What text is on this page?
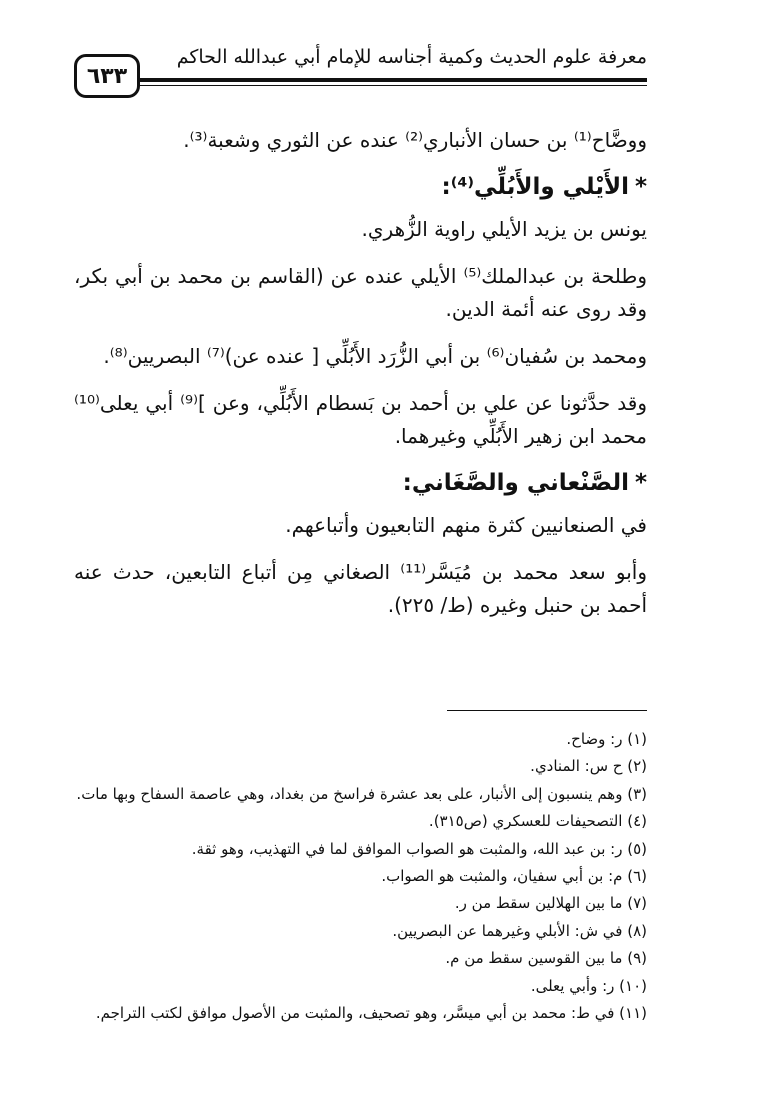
معرفة علوم الحديث وكمية أجناسه للإمام أبي عبدالله الحاكم
٦٣٣

ووضَّاح⁽¹⁾ بن حسان الأنباري⁽²⁾ عنده عن الثوري وشعبة⁽³⁾.

*الأَيْلي والأَبُلِّي⁽⁴⁾:

يونس بن يزيد الأيلي راوية الزُّهري.

وطلحة بن عبدالملك⁽⁵⁾ الأيلي عنده عن (القاسم بن محمد بن أبي بكر، وقد روى عنه أئمة الدين.

ومحمد بن سُفيان⁽⁶⁾ بن أبي الزُّرَد الأَبُلِّي [ عنده عن)⁽⁷⁾ البصريين⁽⁸⁾.

وقد حدَّثونا عن علي بن أحمد بن بَسطام الأَبُلِّي، وعن ]⁽⁹⁾ أبي يعلى⁽¹⁰⁾ محمد ابن زهير الأَبُلِّي وغيرهما.

*الصَّنْعاني والصَّغَاني:

في الصنعانيين كثرة منهم التابعيون وأتباعهم.

وأبو سعد محمد بن مُيَسَّر⁽¹¹⁾ الصغاني مِن أتباع التابعين، حدث عنه أحمد بن حنبل وغيره (ط/ ٢٢٥).

(١) ر: وضاح.

(٢) ح س: المنادي.

(٣) وهم ينسبون إلى الأنبار، على بعد عشرة فراسخ من بغداد، وهي عاصمة السفاح وبها مات.

(٤) التصحيفات للعسكري (ص٣١٥).

(٥) ر: بن عبد الله، والمثبت هو الصواب الموافق لما في التهذيب، وهو ثقة.

(٦) م: بن أبي سفيان، والمثبت هو الصواب.

(٧) ما بين الهلالين سقط من ر.

(٨) في ش: الأبلي وغيرهما عن البصريين.

(٩) ما بين القوسين سقط من م.

(١٠) ر: وأبي يعلى.

(١١) في ط: محمد بن أبي ميسَّر، وهو تصحيف، والمثبت من الأصول موافق لكتب التراجم.
